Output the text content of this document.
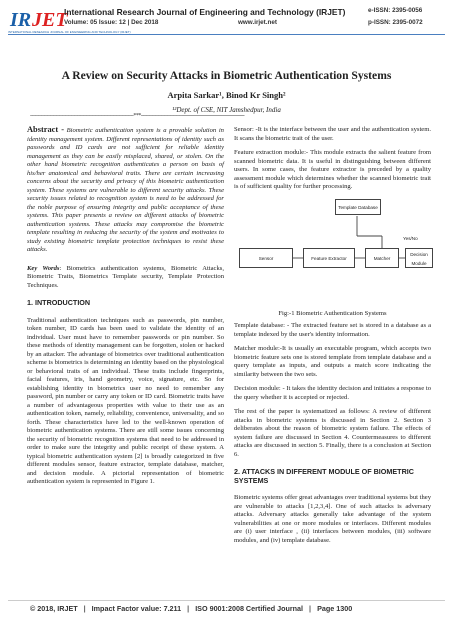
IR JET
INTERNATIONAL RESEARCH JOURNAL OF ENGINEERING AND TECHNOLOGY (IRJET)
International Research Journal of Engineering and Technology (IRJET)
Volume: 05 Issue: 12 | Dec 2018	www.irjet.net
e-ISSN: 2395-0056
p-ISSN: 2395-0072
A Review on Security Attacks in Biometric Authentication Systems
Arpita Sarkar¹, Binod Kr Singh²
¹²Dept. of CSE, NIT Jamshedpur, India
---------------------------------------------------------------------***---------------------------------------------------------------------

Abstract - Biometric authentication system is a provable solution in identity management system. Different representations of identity such as passwords and ID cards are not sufficient for reliable identity management as they can be easily misplaced, shared, or stolen. On the other hand biometric recognition authenticates a person on basis of his/her anatomical and behavioral traits. There are certain increasing concerns about the security and privacy of this biometric authentication system. These systems are vulnerable to different security attacks. These security issues related to recognition system is need to be addressed for the noble purpose of ensuring integrity and public acceptance of these systems. This paper presents a review on different attacks of biometric authentication systems. These attacks may compromise the biometric template resulting in reducing the security of the system and motivates to study existing biometric template protection techniques to resist these attacks.

Key Words: Biometrics authentication systems, Biometric Attacks, Biometric Traits, Biometrics Template security, Template Protection Techniques.

1. INTRODUCTION

Traditional authentication techniques such as passwords, pin number, token number, ID cards has been used to validate the identity of an individual. User must have to remember passwords or pin number. So these methods of identity management can be forgotten, stolen or hacked by an attacker. The advantage of biometrics over traditional authentication scheme is biometrics is determining an identity based on the physiological or behavioral traits of an individual. These traits include fingerprints, facial features, iris, hand geometry, voice, signature, etc. So for establishing identity in biometrics user no need to remember any password, pin number or carry any token or ID card. Biometric traits have a number of advantageous properties with value to their use as an authentication token, namely, reliability, convenience, universality, and so forth. These characteristics have led to the well-known operation of biometric authentication systems. There are still some issues concerning the security of biometric recognition systems that need to be addressed in order to make sure the integrity and public receipt of these system. A typical biometric authentication system [2] is broadly categorized in five different modules sensor, feature extractor, template database, matcher, and decision module. A pictorial representation of biometric authentication system is represented in Figure 1.

Sensor: -It is the interface between the user and the authentication system. It scans the biometric trait of the user.

Feature extraction module:- This module extracts the salient feature from scanned biometric data. It is useful in distinguishing between different users. In some cases, the feature extractor is preceded by a quality assessment module which determines whether the scanned biometric trait is of sufficient quality for further processing.

Template Database
Sensor	Feature Extractor	Matcher
Decision Module
Yes/No
Fig:-1 Biometric Authentication Systems

Template database: - The extracted feature set is stored in a database as a template indexed by the user's identity information.

Matcher module:-It is usually an executable program, which accepts two biometric feature sets one is stored template from template database and a query template as inputs, and outputs a match score indicating the similarity between the two sets.

Decision module: - It takes the identity decision and initiates a response to the query whether it is accepted or rejected.

The rest of the paper is systematized as follows: A review of different attacks in biometric systems is discussed in Section 2. Section 3 deliberates about the reason of biometric system failure. The effects of system failure are discussed in Section 4. Countermeasures to different attacks are discussed in section 5. Finally, there is a conclusion at Section 6.

2. ATTACKS IN DIFFERENT MODULE OF BIOMETRIC SYSTEMS

Biometric systems offer great advantages over traditional systems but they are vulnerable to attacks [1,2,3,4]. One of such attacks is adversary attacks. Adversary attacks generally take advantage of the system vulnerabilities at one or more modules or interfaces. Different modules are (i) user interface , (ii) interfaces between modules, (iii) software modules, and (iv) template database.

© 2018, IRJET | Impact Factor value: 7.211 | ISO 9001:2008 Certified Journal | Page 1300
